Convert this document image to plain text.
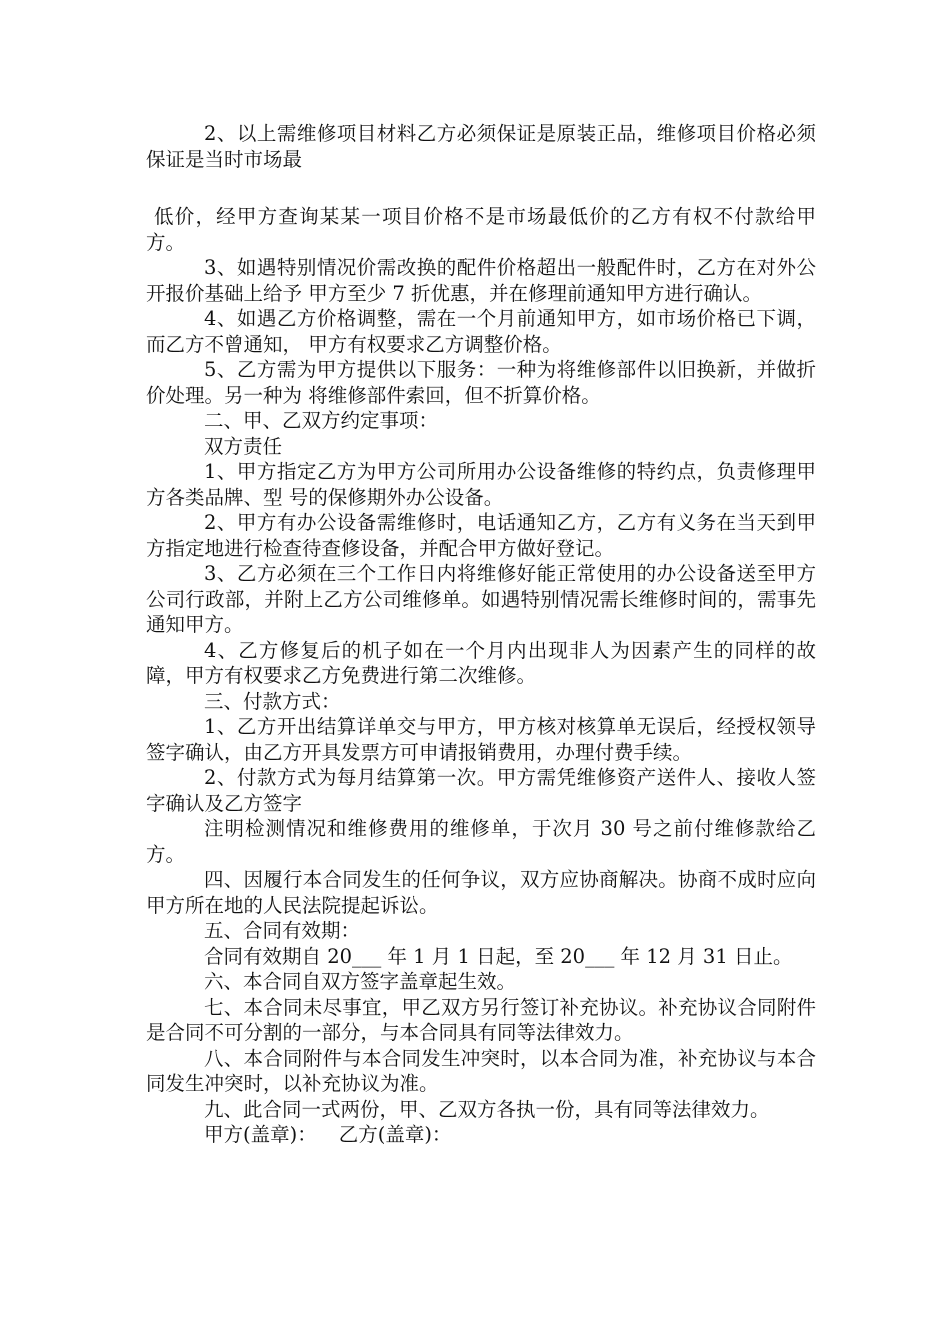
2、以上需维修项目材料乙方必须保证是原装正品，维修项目价格必须保证是当时市场最

低价，经甲方查询某某一项目价格不是市场最低价的乙方有权不付款给甲方。

3、如遇特别情况价需改换的配件价格超出一般配件时，乙方在对外公开报价基础上给予 甲方至少 7 折优惠，并在修理前通知甲方进行确认。

4、如遇乙方价格调整，需在一个月前通知甲方，如市场价格已下调，而乙方不曾通知， 甲方有权要求乙方调整价格。

5、乙方需为甲方提供以下服务：一种为将维修部件以旧换新，并做折价处理。另一种为 将维修部件索回，但不折算价格。

二、甲、乙双方约定事项：

双方责任

1、甲方指定乙方为甲方公司所用办公设备维修的特约点，负责修理甲方各类品牌、型 号的保修期外办公设备。

2、甲方有办公设备需维修时，电话通知乙方，乙方有义务在当天到甲方指定地进行检查待查修设备，并配合甲方做好登记。

3、乙方必须在三个工作日内将维修好能正常使用的办公设备送至甲方公司行政部，并附上乙方公司维修单。如遇特别情况需长维修时间的，需事先通知甲方。

4、乙方修复后的机子如在一个月内出现非人为因素产生的同样的故障，甲方有权要求乙方免费进行第二次维修。

三、付款方式：

1、乙方开出结算详单交与甲方，甲方核对核算单无误后，经授权领导签字确认，由乙方开具发票方可申请报销费用，办理付费手续。

2、付款方式为每月结算第一次。甲方需凭维修资产送件人、接收人签字确认及乙方签字

注明检测情况和维修费用的维修单，于次月 30 号之前付维修款给乙方。

四、因履行本合同发生的任何争议，双方应协商解决。协商不成时应向甲方所在地的人民法院提起诉讼。

五、合同有效期：

合同有效期自 20___ 年 1 月 1 日起，至 20___ 年 12 月 31 日止。

六、本合同自双方签字盖章起生效。

七、本合同未尽事宜，甲乙双方另行签订补充协议。补充协议合同附件是合同不可分割的一部分，与本合同具有同等法律效力。

八、本合同附件与本合同发生冲突时，以本合同为准，补充协议与本合同发生冲突时，以补充协议为准。

九、此合同一式两份，甲、乙双方各执一份，具有同等法律效力。

甲方(盖章)： 乙方(盖章)：
